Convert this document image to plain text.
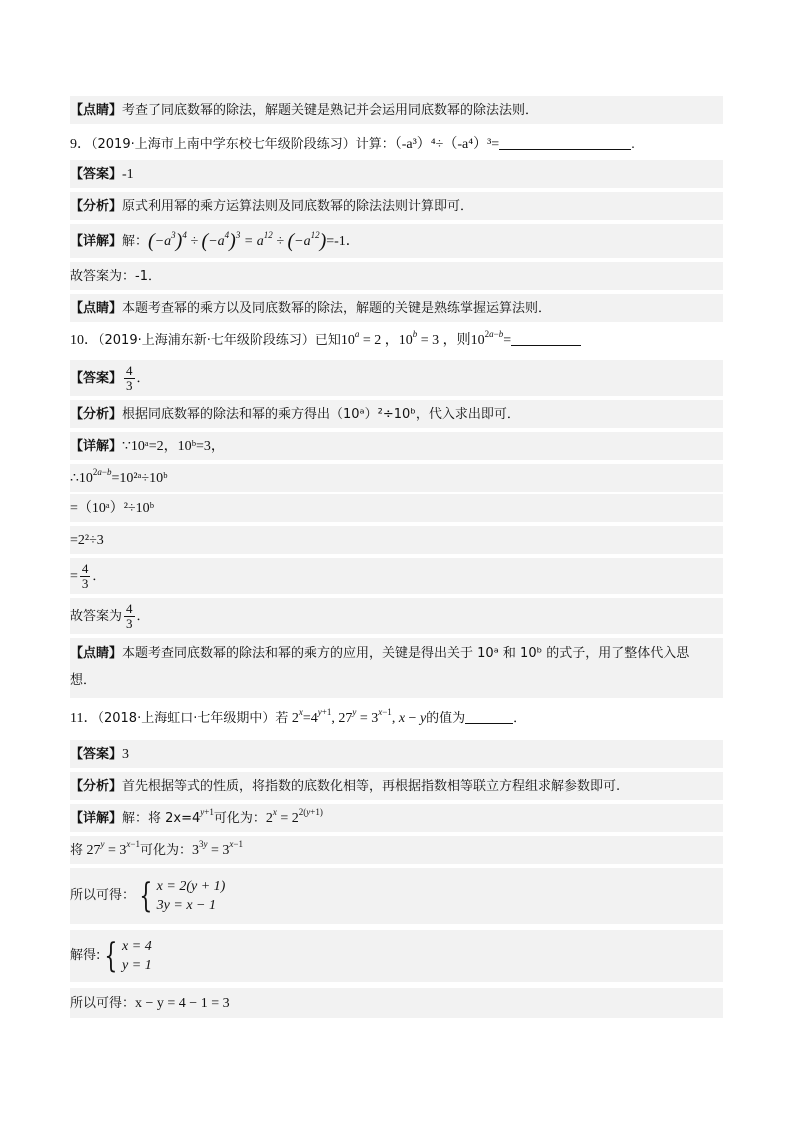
【点睛】考查了同底数幂的除法，解题关键是熟记并会运用同底数幂的除法法则．
9．（2019·上海市上南中学东校七年级阶段练习）计算：（-a³）⁴÷（-a⁴）³=	.
【答案】-1
【分析】原式利用幂的乘方运算法则及同底数幂的除法法则计算即可．
【详解】解：$(-a^3)^4 \div (-a^4)^3 = a^{12} \div (-a^{12})=-1$．
故答案为：-1．
【点睛】本题考查幂的乘方以及同底数幂的除法，解题的关键是熟练掌握运算法则．
10．（2019·上海浦东新·七年级阶段练习）已知$10^a = 2$ ，$10^b = 3$ ，则$10^{2a-b}=$
【答案】 $\frac{4}{3}$ ．
【分析】根据同底数幂的除法和幂的乘方得出（10ᵃ）²÷10ᵇ，代入求出即可．
【详解】∵10ᵃ=2，10ᵇ=3，
$\therefore 10^{2a-b}=10^2ᵃ\div 10ᵇ$
=（10ᵃ）²÷10ᵇ
=2²÷3
= $\frac{4}{3}$ ．
故答案为 $\frac{4}{3}$ ．
【点睛】本题考查同底数幂的除法和幂的乘方的应用，关键是得出关于 10ᵃ 和 10ᵇ 的式子，用了整体代入思
想．
11．（2018·上海虹口·七年级期中）若 $2^x=4^{y+1}$, $27^y = 3^{x-1}$, x − y的值为	．
【答案】3
【分析】首先根据等式的性质，将指数的底数化相等，再根据指数相等联立方程组求解参数即可.
【详解】解：将 $2x=4^{y+1}$可化为：$2^x = 2^{2(y+1)}$
将 $27^y = 3^{x-1}$可化为：$3^{3y} = 3^{x-1}$
所以可得： { x = 2(y + 1)
3y = x − 1
解得: { x = 4
y = 1
所以可得：x − y = 4 − 1 = 3
